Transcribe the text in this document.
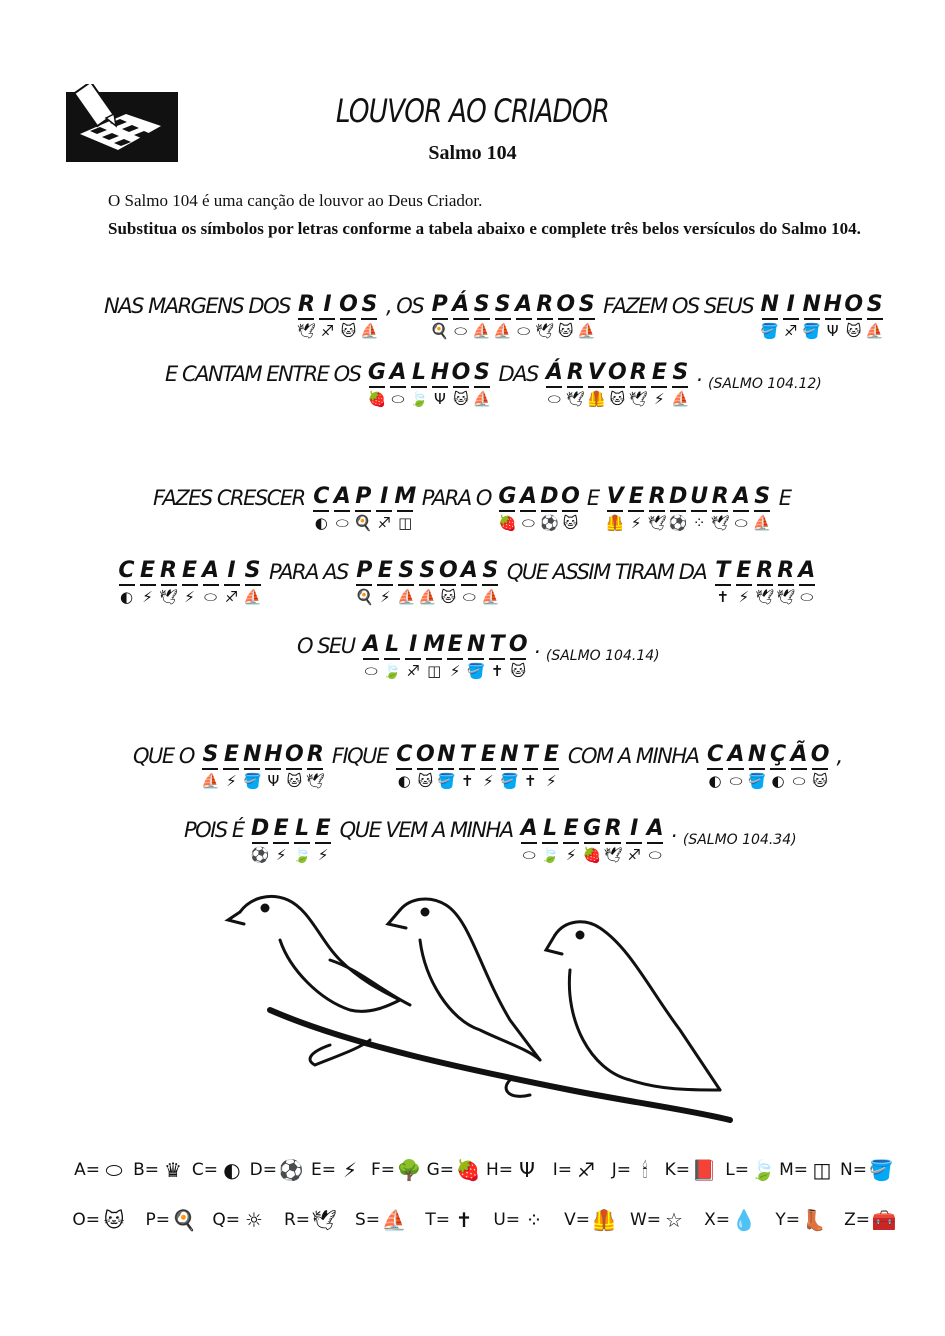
LOUVOR AO CRIADOR
Salmo 104
O Salmo 104 é uma canção de louvor ao Deus Criador.
Substitua os símbolos por letras conforme a tabela abaixo e complete três belos versículos do Salmo 104.
NAS MARGENS DOS R
🕊
I
♐
O
🐱
S
⛵
, OS P
🍳
Á
⬭
S
⛵
S
⛵
A
⬭
R
🕊
O
🐱
S
⛵
FAZEM OS SEUS N
🪣
I
♐
N
🪣
H
Ψ
O
🐱
S
⛵
E CANTAM ENTRE OS G
🍓
A
⬭
L
🍃
H
Ψ
O
🐱
S
⛵
DAS Á
⬭
R
🕊
V
🦺
O
🐱
R
🕊
E
⚡
S
⛵
. (SALMO 104.12)
FAZES CRESCER C
◐
A
⬭
P
🍳
I
♐
M
◫
PARA O G
🍓
A
⬭
D
⚽
O
🐱
E V
🦺
E
⚡
R
🕊
D
⚽
U
⁘
R
🕊
A
⬭
S
⛵
E
C
◐
E
⚡
R
🕊
E
⚡
A
⬭
I
♐
S
⛵
PARA AS P
🍳
E
⚡
S
⛵
S
⛵
O
🐱
A
⬭
S
⛵
QUE ASSIM TIRAM DA T
✝
E
⚡
R
🕊
R
🕊
A
⬭
O SEU A
⬭
L
🍃
I
♐
M
◫
E
⚡
N
🪣
T
✝
O
🐱
. (SALMO 104.14)
QUE O S
⛵
E
⚡
N
🪣
H
Ψ
O
🐱
R
🕊
FIQUE C
◐
O
🐱
N
🪣
T
✝
E
⚡
N
🪣
T
✝
E
⚡
COM A MINHA C
◐
A
⬭
N
🪣
Ç
◐
Ã
⬭
O
🐱
,
POIS É D
⚽
E
⚡
L
🍃
E
⚡
QUE VEM A MINHA A
⬭
L
🍃
E
⚡
G
🍓
R
🕊
I
♐
A
⬭
. (SALMO 104.34)
A= ⬭ B= ♛ C= ◐ D= ⚽ E= ⚡ F= 🌳 G= 🍓 H= Ψ	I= ♐ J= 🕯 K= 📕 L= 🍃 M= ◫ N= 🪣
O= 🐱	P= 🍳 Q= ☼ R= 🕊 S= ⛵	T= ✝	U= ⁘	V= 🦺 W= ☆ X= 💧	Y= 👢 Z= 🧰
